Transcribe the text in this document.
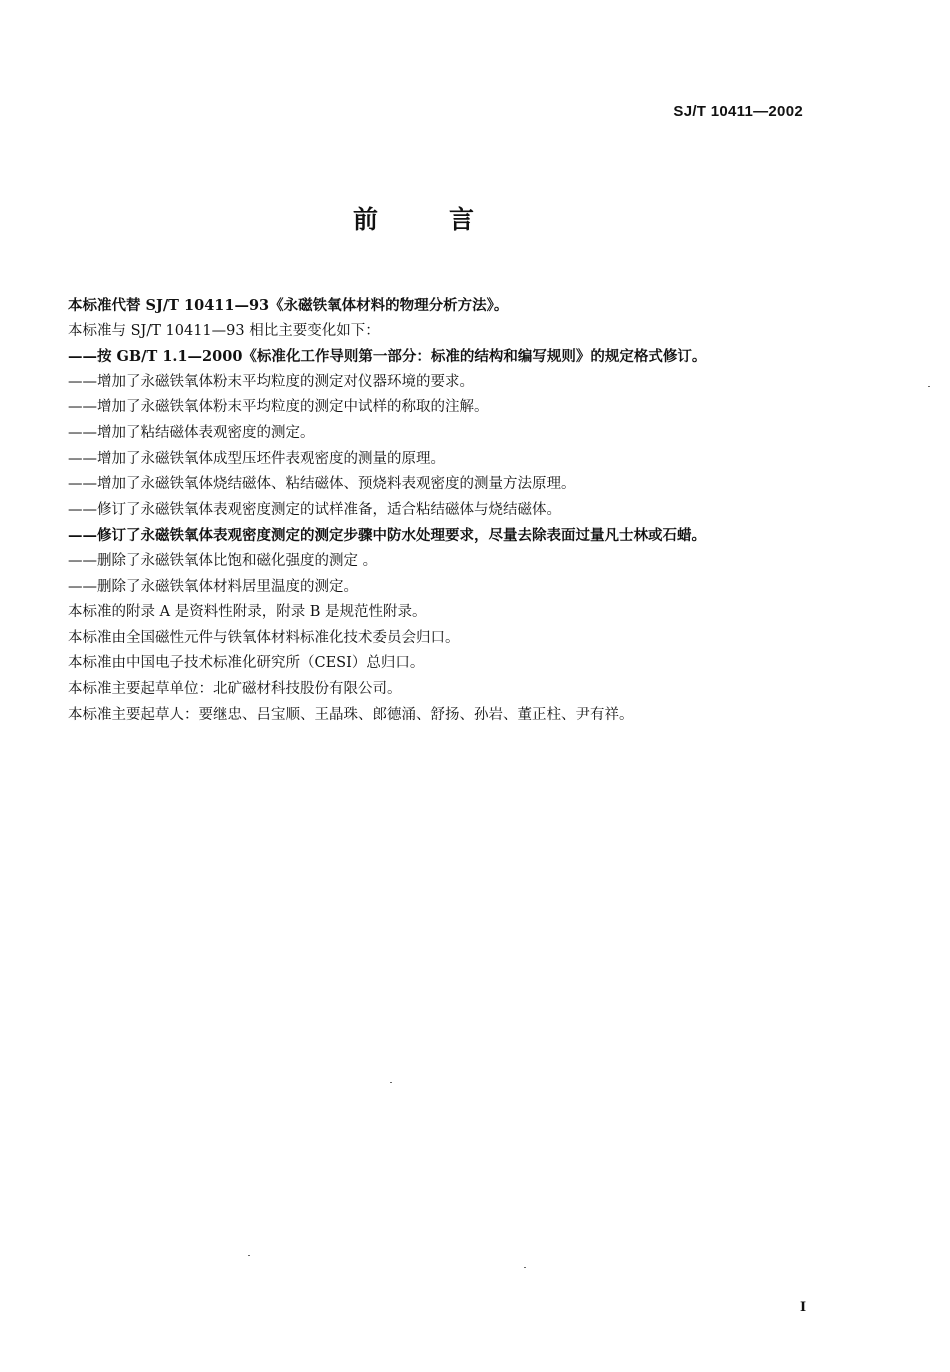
SJ/T 10411—2002
前	言
本标准代替 SJ/T 10411—93《永磁铁氧体材料的物理分析方法》。
本标准与 SJ/T 10411—93 相比主要变化如下：
——按 GB/T 1.1—2000《标准化工作导则第一部分：标准的结构和编写规则》的规定格式修订。
——增加了永磁铁氧体粉末平均粒度的测定对仪器环境的要求。
——增加了永磁铁氧体粉末平均粒度的测定中试样的称取的注解。
——增加了粘结磁体表观密度的测定。
——增加了永磁铁氧体成型压坯件表观密度的测量的原理。
——增加了永磁铁氧体烧结磁体、粘结磁体、预烧料表观密度的测量方法原理。
——修订了永磁铁氧体表观密度测定的试样准备，适合粘结磁体与烧结磁体。
——修订了永磁铁氧体表观密度测定的测定步骤中防水处理要求，尽量去除表面过量凡士林或石蜡。
——删除了永磁铁氧体比饱和磁化强度的测定 。
——删除了永磁铁氧体材料居里温度的测定。
本标准的附录 A 是资料性附录，附录 B 是规范性附录。
本标准由全国磁性元件与铁氧体材料标准化技术委员会归口。
本标准由中国电子技术标准化研究所（CESI）总归口。
本标准主要起草单位：北矿磁材科技股份有限公司。
本标准主要起草人：要继忠、吕宝顺、王晶珠、郎德涌、舒扬、孙岩、董正柱、尹有祥。
I
